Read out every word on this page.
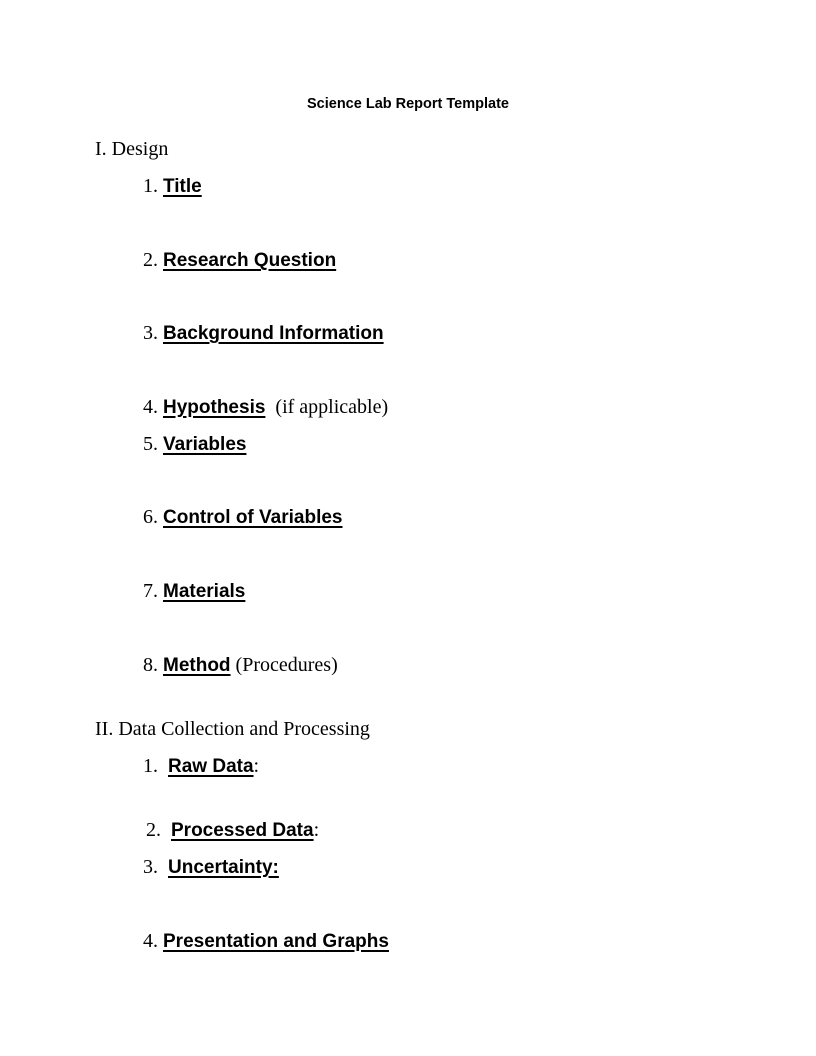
Science Lab Report Template
I. Design
1. Title
2. Research Question
3. Background Information
4. Hypothesis (if applicable)
5. Variables
6. Control of Variables
7. Materials
8. Method (Procedures)
II. Data Collection and Processing
1. Raw Data:
2. Processed Data:
3. Uncertainty:
4. Presentation and Graphs
